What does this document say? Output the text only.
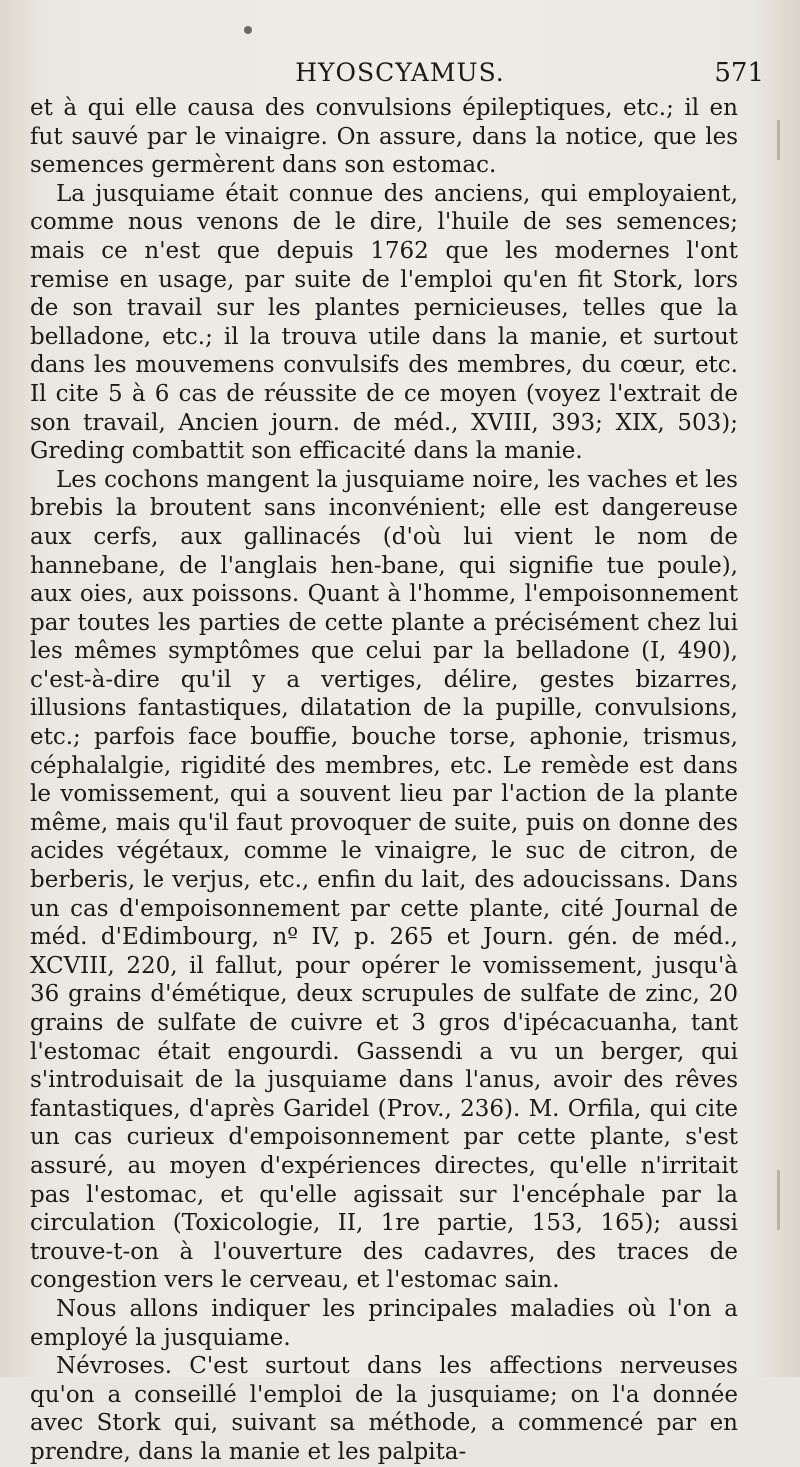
HYOSCYAMUS.	571

et à qui elle causa des convulsions épileptiques, etc.; il en fut sauvé par le vinaigre. On assure, dans la notice, que les semences germèrent dans son estomac.

La jusquiame était connue des anciens, qui employaient, comme nous venons de le dire, l'huile de ses semences; mais ce n'est que depuis 1762 que les modernes l'ont remise en usage, par suite de l'emploi qu'en fit Stork, lors de son travail sur les plantes pernicieuses, telles que la belladone, etc.; il la trouva utile dans la manie, et surtout dans les mouvemens convulsifs des membres, du cœur, etc. Il cite 5 à 6 cas de réussite de ce moyen (voyez l'extrait de son travail, Ancien journ. de méd., XVIII, 393; XIX, 503); Greding combattit son efficacité dans la manie.

Les cochons mangent la jusquiame noire, les vaches et les brebis la broutent sans inconvénient; elle est dangereuse aux cerfs, aux gallinacés (d'où lui vient le nom de hannebane, de l'anglais hen-bane, qui signifie tue poule), aux oies, aux poissons. Quant à l'homme, l'empoisonnement par toutes les parties de cette plante a précisément chez lui les mêmes symptômes que celui par la belladone (I, 490), c'est-à-dire qu'il y a vertiges, délire, gestes bizarres, illusions fantastiques, dilatation de la pupille, convulsions, etc.; parfois face bouffie, bouche torse, aphonie, trismus, céphalalgie, rigidité des membres, etc. Le remède est dans le vomissement, qui a souvent lieu par l'action de la plante même, mais qu'il faut provoquer de suite, puis on donne des acides végétaux, comme le vinaigre, le suc de citron, de berberis, le verjus, etc., enfin du lait, des adoucissans. Dans un cas d'empoisonnement par cette plante, cité Journal de méd. d'Edimbourg, nº IV, p. 265 et Journ. gén. de méd., XCVIII, 220, il fallut, pour opérer le vomissement, jusqu'à 36 grains d'émétique, deux scrupules de sulfate de zinc, 20 grains de sulfate de cuivre et 3 gros d'ipécacuanha, tant l'estomac était engourdi. Gassendi a vu un berger, qui s'introduisait de la jusquiame dans l'anus, avoir des rêves fantastiques, d'après Garidel (Prov., 236). M. Orfila, qui cite un cas curieux d'empoisonnement par cette plante, s'est assuré, au moyen d'expériences directes, qu'elle n'irritait pas l'estomac, et qu'elle agissait sur l'encéphale par la circulation (Toxicologie, II, 1re partie, 153, 165); aussi trouve-t-on à l'ouverture des cadavres, des traces de congestion vers le cerveau, et l'estomac sain.

Nous allons indiquer les principales maladies où l'on a employé la jusquiame.

Névroses. C'est surtout dans les affections nerveuses qu'on a conseillé l'emploi de la jusquiame; on l'a donnée avec Stork qui, suivant sa méthode, a commencé par en prendre, dans la manie et les palpita-
